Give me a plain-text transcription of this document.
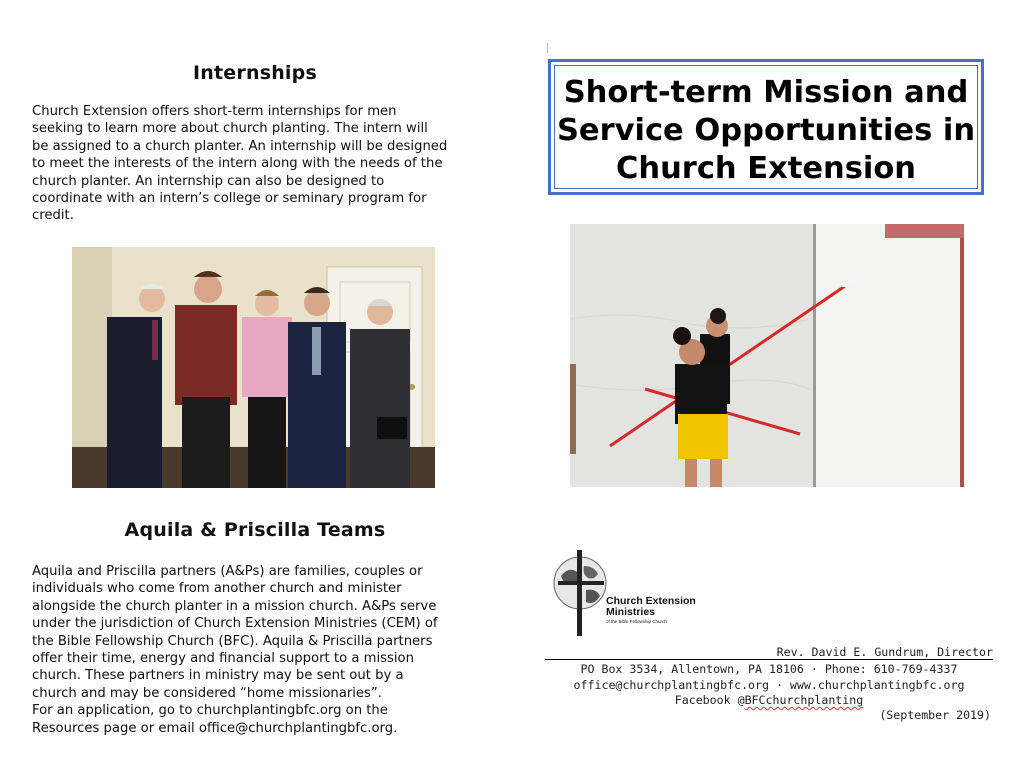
Internships

Church Extension offers short-term internships for men
seeking to learn more about church planting. The intern will
be assigned to a church planter. An internship will be designed
to meet the interests of the intern along with the needs of the
church planter. An internship can also be designed to
coordinate with an intern’s college or seminary program for
credit.

Aquila & Priscilla Teams

Aquila and Priscilla partners (A&Ps) are families, couples or
individuals who come from another church and minister
alongside the church planter in a mission church. A&Ps serve
under the jurisdiction of Church Extension Ministries (CEM) of
the Bible Fellowship Church (BFC). Aquila & Priscilla partners
offer their time, energy and financial support to a mission
church. These partners in ministry may be sent out by a
church and may be considered “home missionaries”.
For an application, go to churchplantingbfc.org on the
Resources page or email office@churchplantingbfc.org.

Short-term Mission and
Service Opportunities in
Church Extension
Church Extension
Ministries
of the Bible Fellowship Church
Rev. David E. Gundrum, Director
PO Box 3534, Allentown, PA 18106 · Phone: 610-769-4337
office@churchplantingbfc.org · www.churchplantingbfc.org
Facebook @BFCchurchplanting
(September 2019)
